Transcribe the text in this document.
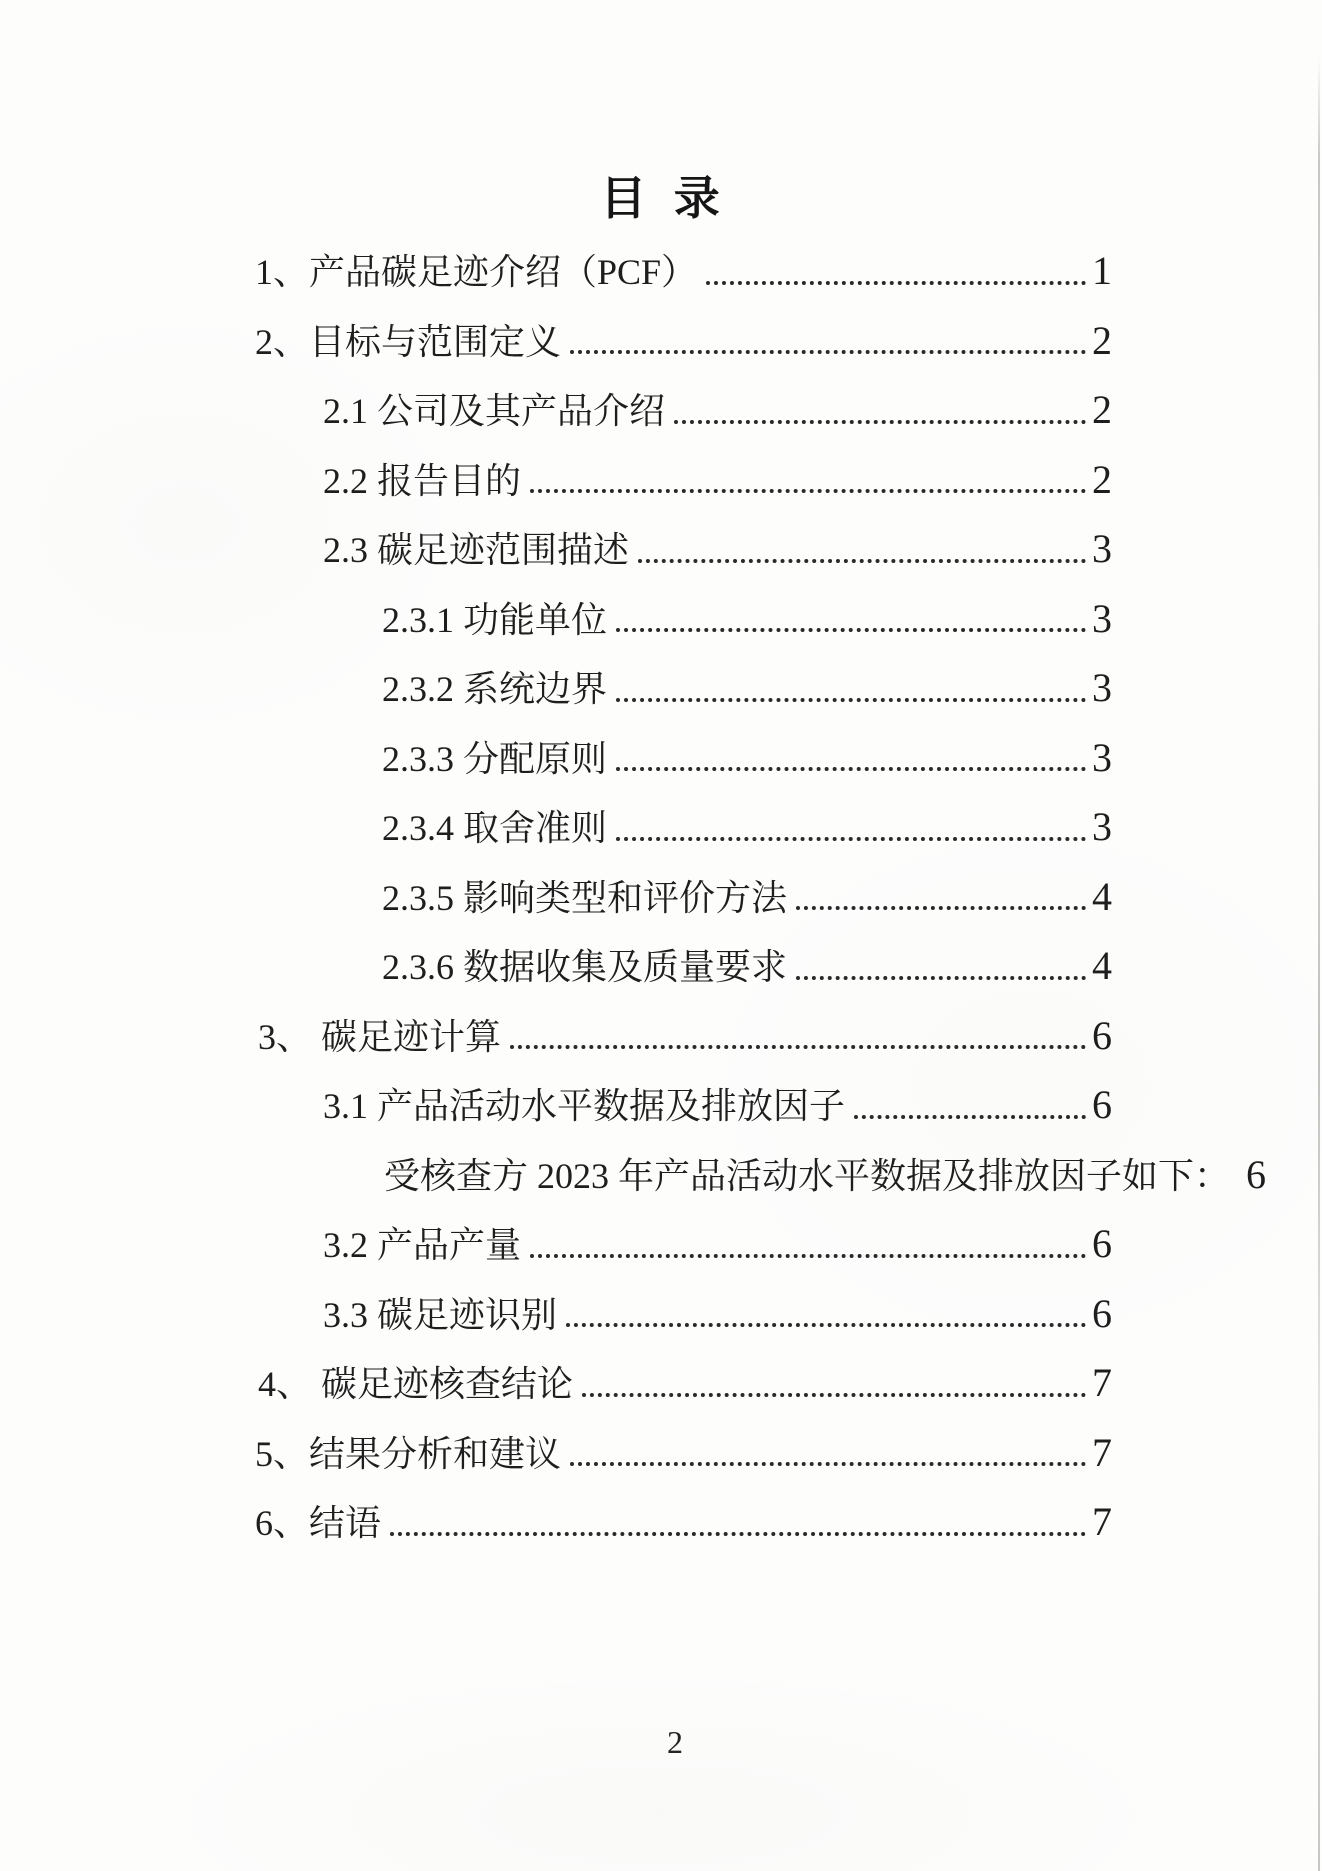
目 录
1、产品碳足迹介绍（PCF）	1
2、目标与范围定义	2
2.1 公司及其产品介绍	2
2.2 报告目的	2
2.3 碳足迹范围描述	3
2.3.1 功能单位	3
2.3.2 系统边界	3
2.3.3 分配原则	3
2.3.4 取舍准则	3
2.3.5 影响类型和评价方法	4
2.3.6 数据收集及质量要求	4
3、 碳足迹计算	6
3.1 产品活动水平数据及排放因子	6
受核查方 2023 年产品活动水平数据及排放因子如下： 6
3.2 产品产量	6
3.3 碳足迹识别	6
4、 碳足迹核查结论	7
5、结果分析和建议	7
6、结语	7
2
